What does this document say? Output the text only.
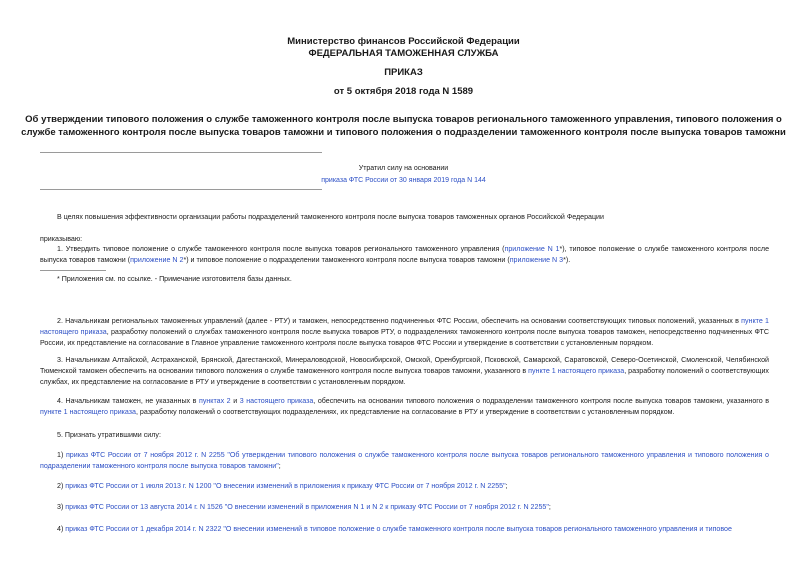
Министерство финансов Российской Федерации
ФЕДЕРАЛЬНАЯ ТАМОЖЕННАЯ СЛУЖБА
ПРИКАЗ
от 5 октября 2018 года N 1589
Об утверждении типового положения о службе таможенного контроля после выпуска товаров регионального таможенного управления, типового положения о
службе таможенного контроля после выпуска товаров таможни и типового положения о подразделении таможенного контроля после выпуска товаров таможни
Утратил силу на основании
приказа ФТС России от 30 января 2019 года N 144
В целях повышения эффективности организации работы подразделений таможенного контроля после выпуска товаров таможенных органов Российской Федерации
приказываю:
1. Утвердить типовое положение о службе таможенного контроля после выпуска товаров регионального таможенного управления (приложение N 1*), типовое положение о службе таможенного контроля после выпуска товаров таможни (приложение N 2*) и типовое положение о подразделении таможенного контроля после выпуска товаров таможни (приложение N 3*).
* Приложения см. по ссылке. - Примечание изготовителя базы данных.
2. Начальникам региональных таможенных управлений (далее - РТУ) и таможен, непосредственно подчиненных ФТС России, обеспечить на основании соответствующих типовых положений, указанных в пункте 1 настоящего приказа, разработку положений о службах таможенного контроля после выпуска товаров РТУ, о подразделениях таможенного контроля после выпуска товаров таможен, непосредственно подчиненных ФТС России, их представление на согласование в Главное управление таможенного контроля после выпуска товаров ФТС России и утверждение в соответствии с установленным порядком.
3. Начальникам Алтайской, Астраханской, Брянской, Дагестанской, Минераловодской, Новосибирской, Омской, Оренбургской, Псковской, Самарской, Саратовской, Северо-Осетинской, Смоленской, Челябинской Тюменской таможен обеспечить на основании типового положения о службе таможенного контроля после выпуска товаров таможни, указанного в пункте 1 настоящего приказа, разработку положений о соответствующих службах, их представление на согласование в РТУ и утверждение в соответствии с установленным порядком.
4. Начальникам таможен, не указанных в пунктах 2 и 3 настоящего приказа, обеспечить на основании типового положения о подразделении таможенного контроля после выпуска товаров таможни, указанного в пункте 1 настоящего приказа, разработку положений о соответствующих подразделениях, их представление на согласование в РТУ и утверждение в соответствии с установленным порядком.
5. Признать утратившими силу:
1) приказ ФТС России от 7 ноября 2012 г. N 2255 "Об утверждении типового положения о службе таможенного контроля после выпуска товаров регионального таможенного управления и типового положения о подразделении таможенного контроля после выпуска товаров таможни";
2) приказ ФТС России от 1 июля 2013 г. N 1200 "О внесении изменений в приложения к приказу ФТС России от 7 ноября 2012 г. N 2255";
3) приказ ФТС России от 13 августа 2014 г. N 1526 "О внесении изменений в приложения N 1 и N 2 к приказу ФТС России от 7 ноября 2012 г. N 2255";
4) приказ ФТС России от 1 декабря 2014 г. N 2322 "О внесении изменений в типовое положение о службе таможенного контроля после выпуска товаров регионального таможенного управления и типовое
